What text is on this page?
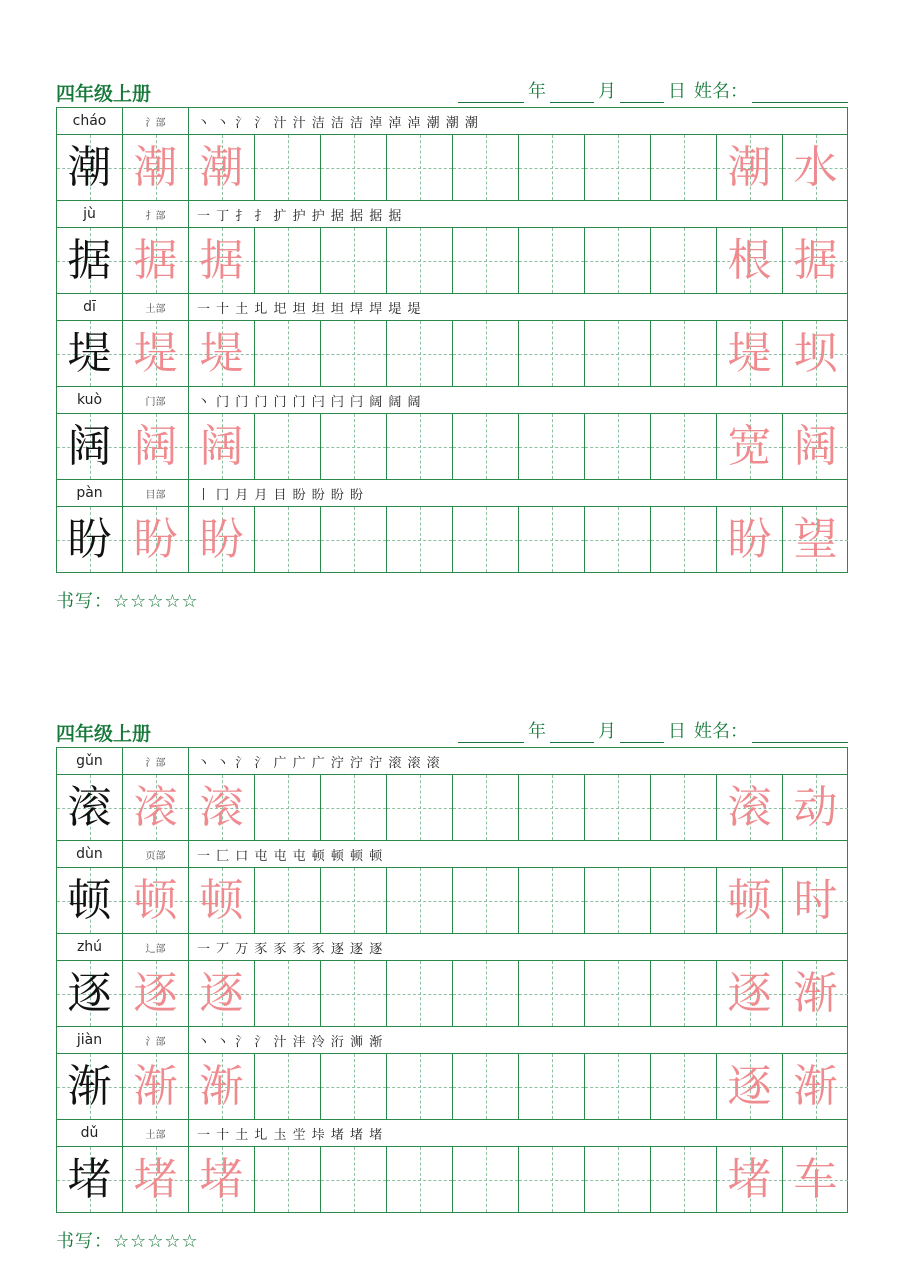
四年级上册	年	月	日 姓名：
cháo	氵部	丶 丶 氵 氵 汁 汁 洁 洁 洁 淖 淖 淖 潮 潮 潮
潮 潮 潮	潮 水
jù	扌部	一 丁 扌 扌 扩 护 护 据 据 据 据
据 据 据	根 据
dī	土部	一 十 土 圠 圯 坦 坦 坦 垾 垾 堤 堤
堤 堤 堤	堤 坝
kuò	门部	丶 门 门 门 门 门 闩 闩 闩 阔 阔 阔
阔 阔 阔	宽 阔
pàn	目部	丨 冂 月 月 目 盼 盼 盼 盼
盼 盼 盼	盼 望
书写：☆☆☆☆☆
四年级上册	年	月	日 姓名：
gǔn	氵部	丶 丶 氵 氵 广 广 广 泞 泞 泞 滚 滚 滚
滚 滚 滚	滚 动
dùn	页部	一 匚 口 屯 屯 屯 顿 顿 顿 顿
顿 顿 顿	顿 时
zhú	辶部	一 丆 万 豕 豕 豕 豕 逐 逐 逐
逐 逐 逐	逐 渐
jiàn	氵部	丶 丶 氵 氵 汁 沣 泠 洐 浉 渐
渐 渐 渐	逐 渐
dǔ	土部	一 十 土 圠 圡 坣 垰 堵 堵 堵
堵 堵 堵	堵 车
书写：☆☆☆☆☆
